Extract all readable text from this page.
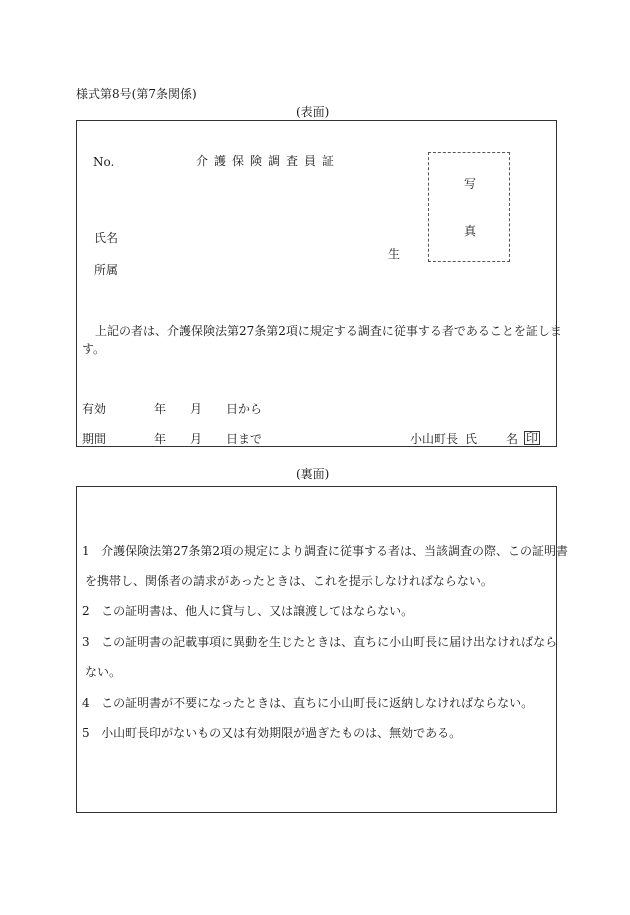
様式第8号(第7条関係)
(表面)
No.	介護保険調査員証
写
真
氏名
生
所属
上記の者は、介護保険法第27条第2項に規定する調査に従事する者であることを証しま
す。
有効	年 月 日から
期間	年 月 日まで	小山町長 氏 名 印
(裏面)
1 介護保険法第27条第2項の規定により調査に従事する者は、当該調査の際、この証明書
を携帯し、関係者の請求があったときは、これを提示しなければならない。
2 この証明書は、他人に貸与し、又は譲渡してはならない。
3 この証明書の記載事項に異動を生じたときは、直ちに小山町長に届け出なければなら
ない。
4 この証明書が不要になったときは、直ちに小山町長に返納しなければならない。
5 小山町長印がないもの又は有効期限が過ぎたものは、無効である。
